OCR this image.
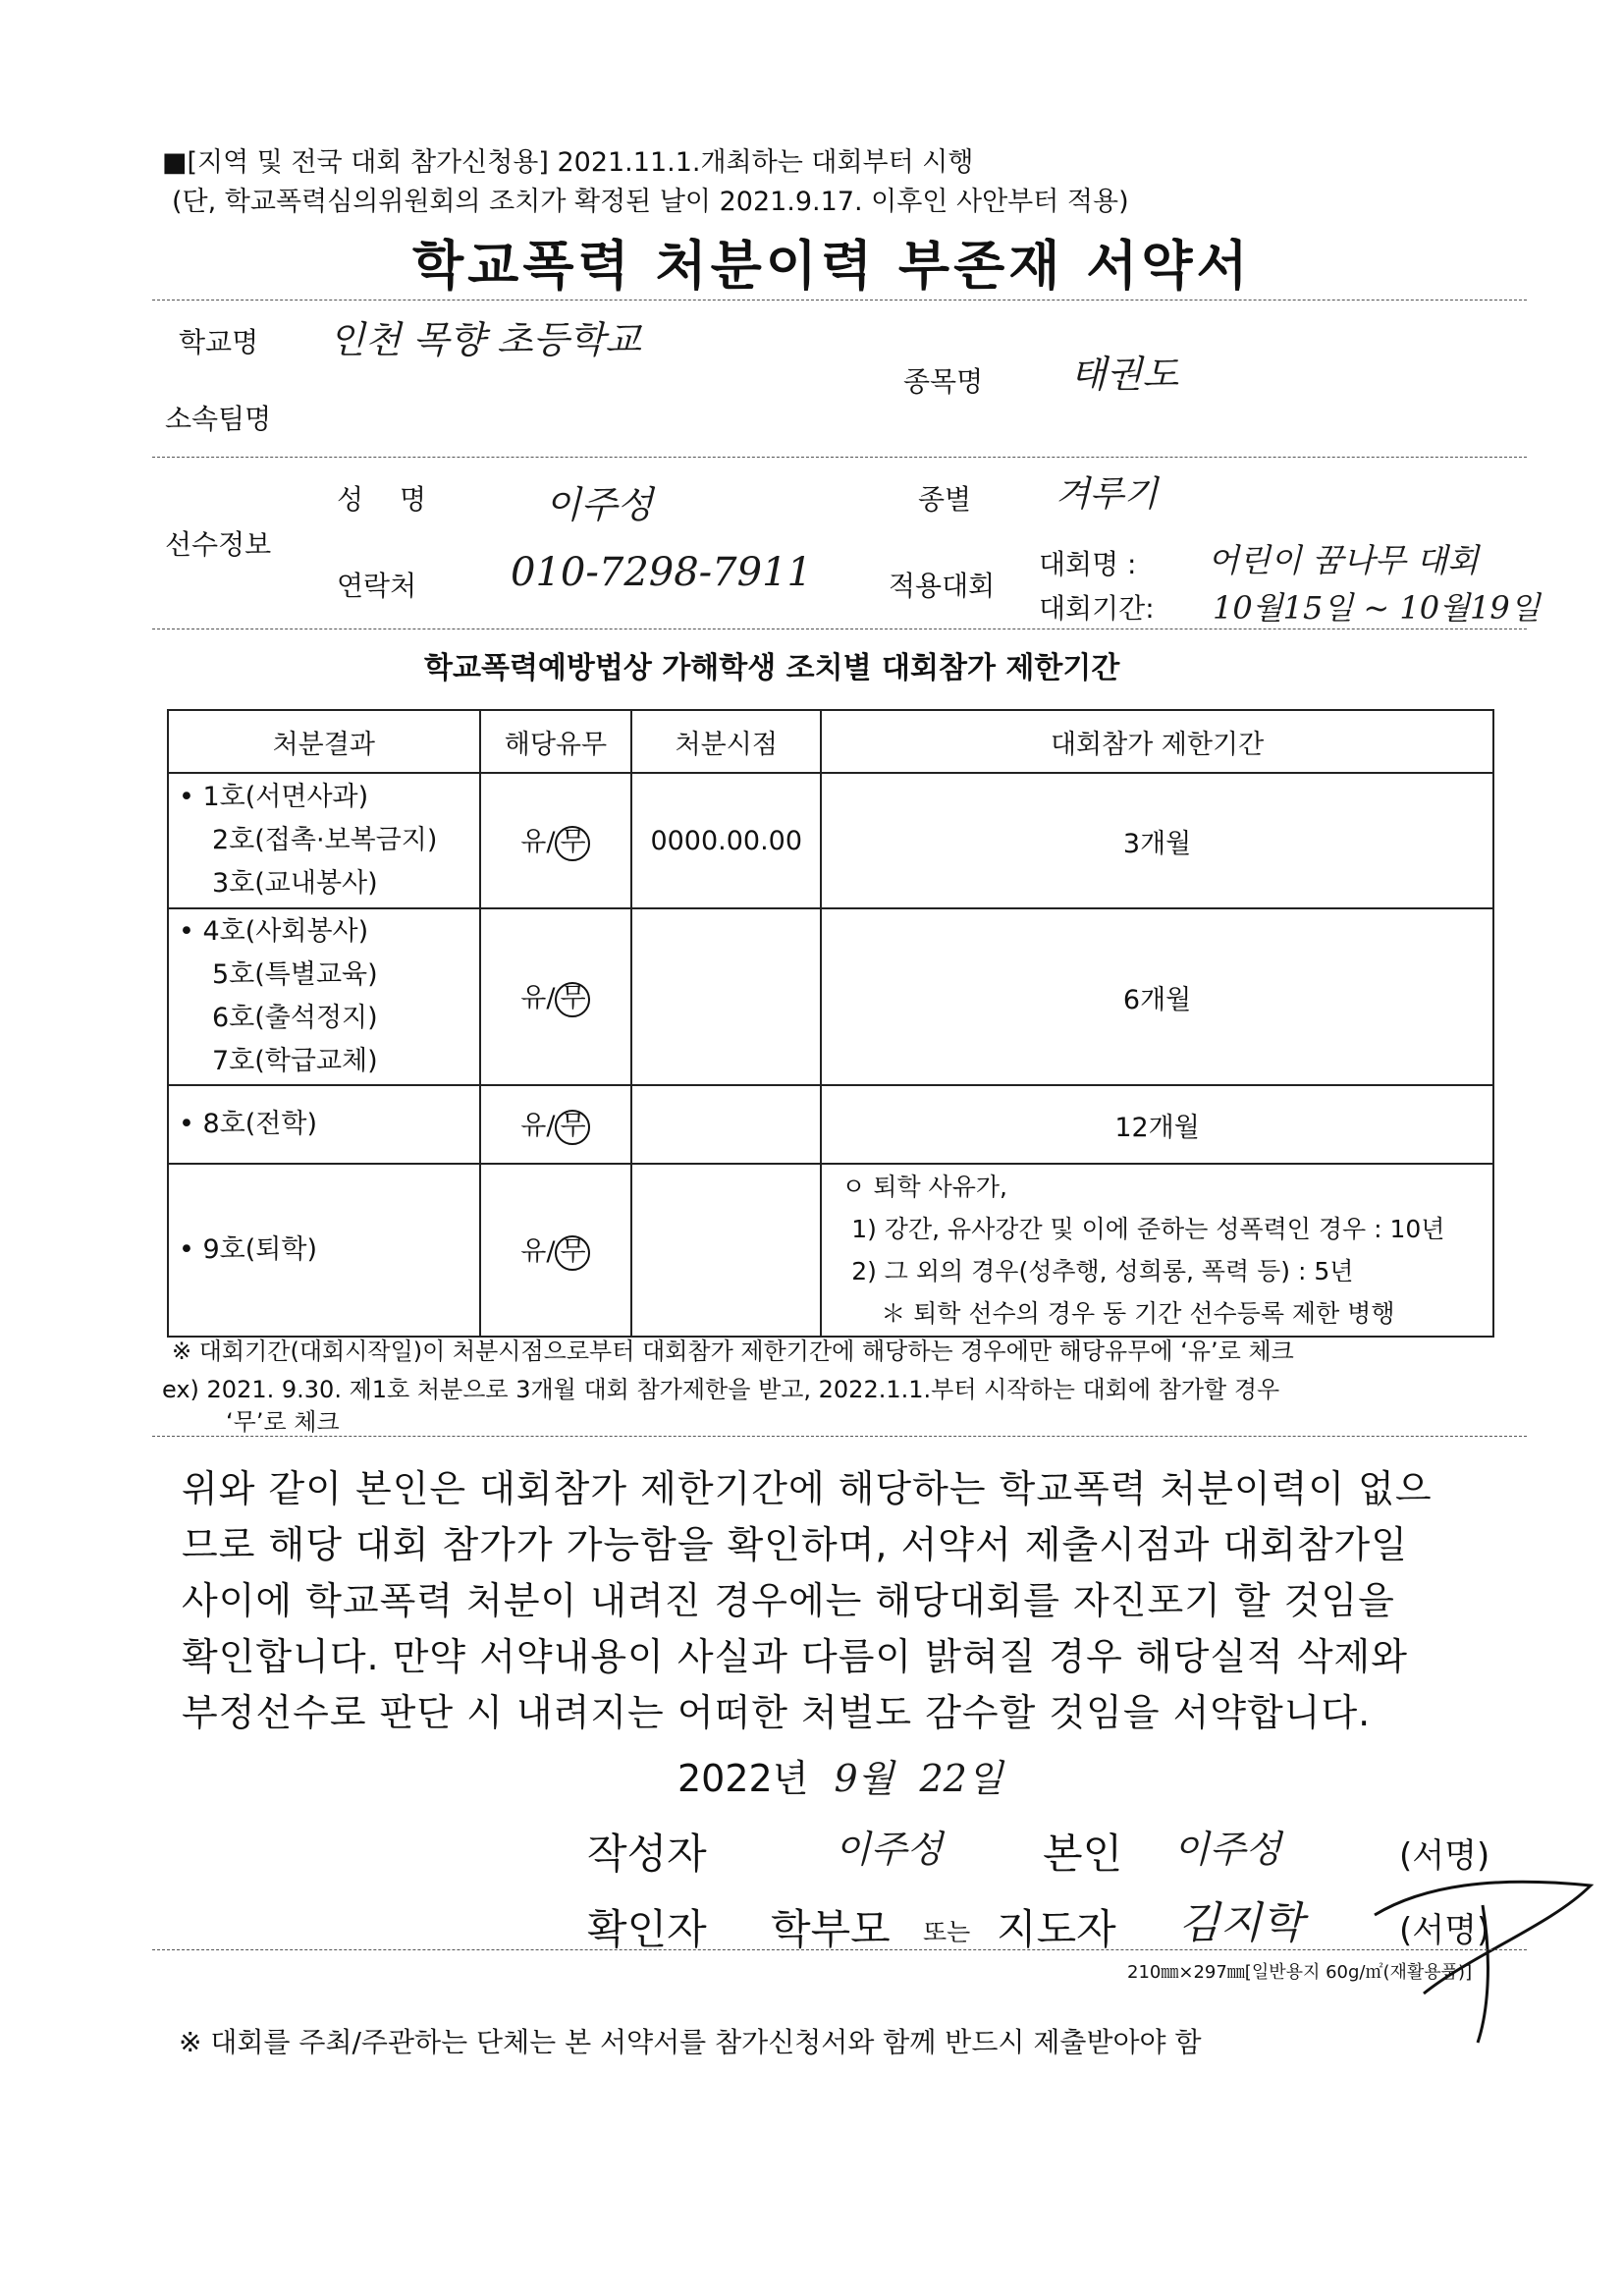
■[지역 및 전국 대회 참가신청용] 2021.11.1.개최하는 대회부터 시행
(단, 학교폭력심의위원회의 조치가 확정된 날이 2021.9.17. 이후인 사안부터 적용)
학교폭력 처분이력 부존재 서약서
학교명 인천 목향 초등학교
소속팀명
종목명 태권도
선수정보
성 명	이주성
연락처 010-7298-7911
종별 겨루기
적용대회
대회명 : 어린이 꿈나무 대회
대회기간: 10월15일 ~ 10월19일
학교폭력예방법상 가해학생 조치별 대회참가 제한기간
처분결과	해당유무	처분시점	대회참가 제한기간

• 1호(서면사과)
2호(접촉·보복금지)
3호(교내봉사)	유/ 무	0000.00.00	3개월

• 4호(사회봉사)
5호(특별교육)
6호(출석정지)
7호(학급교체)	유/ 무		6개월

• 8호(전학)	유/ 무		12개월

• 9호(퇴학)	유/ 무		ㅇ 퇴학 사유가,
1) 강간, 유사강간 및 이에 준하는 성폭력인 경우 : 10년
2) 그 외의 경우(성추행, 성희롱, 폭력 등) : 5년
＊ 퇴학 선수의 경우 동 기간 선수등록 제한 병행
※ 대회기간(대회시작일)이 처분시점으로부터 대회참가 제한기간에 해당하는 경우에만 해당유무에 ‘유’로 체크
ex) 2021. 9.30. 제1호 처분으로 3개월 대회 참가제한을 받고, 2022.1.1.부터 시작하는 대회에 참가할 경우
‘무’로 체크
위와 같이 본인은 대회참가 제한기간에 해당하는 학교폭력 처분이력이 없으
므로 해당 대회 참가가 가능함을 확인하며, 서약서 제출시점과 대회참가일
사이에 학교폭력 처분이 내려진 경우에는 해당대회를 자진포기 할 것임을
확인합니다. 만약 서약내용이 사실과 다름이 밝혀질 경우 해당실적 삭제와
부정선수로 판단 시 내려지는 어떠한 처벌도 감수할 것임을 서약합니다.
2022년 9월 22일
작성자	이주성 본인 이주성	(서명)
확인자 학부모 또는 지도자 김지학	(서명)
210㎜×297㎜[일반용지 60g/㎡(재활용품)]
※ 대회를 주최/주관하는 단체는 본 서약서를 참가신청서와 함께 반드시 제출받아야 함
